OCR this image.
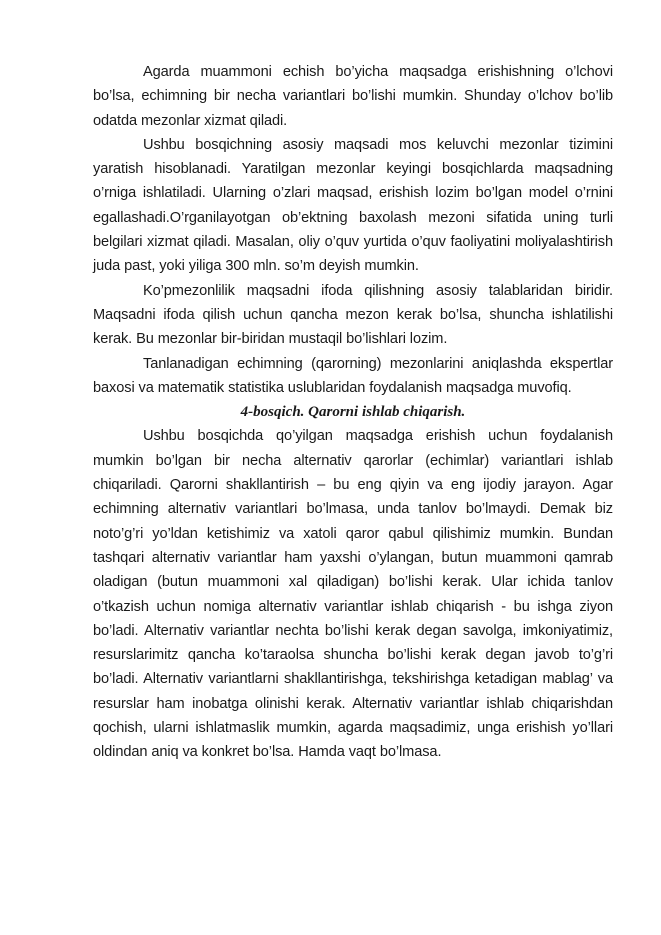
Agarda muammoni echish bo’yicha maqsadga erishishning o’lchovi bo’lsa, echimning bir necha variantlari bo’lishi mumkin. Shunday o’lchov bo’lib odatda mezonlar xizmat qiladi.

Ushbu bosqichning asosiy maqsadi mos keluvchi mezonlar tizimini yaratish hisoblanadi. Yaratilgan mezonlar keyingi bosqichlarda maqsadning o’rniga ishlatiladi. Ularning o’zlari maqsad, erishish lozim bo’lgan model o’rnini egallashadi.O’rganilayotgan ob’ektning baxolash mezoni sifatida uning turli belgilari xizmat qiladi. Masalan, oliy o’quv yurtida o’quv faoliyatini moliyalashtirish juda past, yoki yiliga 300 mln. so’m deyish mumkin.

Ko’pmezonlilik maqsadni ifoda qilishning asosiy talablaridan biridir. Maqsadni ifoda qilish uchun qancha mezon kerak bo’lsa, shuncha ishlatilishi kerak. Bu mezonlar bir-biridan mustaqil bo’lishlari lozim.

Tanlanadigan echimning (qarorning) mezonlarini aniqlashda ekspertlar baxosi va matematik statistika uslublaridan foydalanish maqsadga muvofiq.

4-bosqich. Qarorni ishlab chiqarish.

Ushbu bosqichda qo’yilgan maqsadga erishish uchun foydalanish mumkin bo’lgan bir necha alternativ qarorlar (echimlar) variantlari ishlab chiqariladi. Qarorni shakllantirish – bu eng qiyin va eng ijodiy jarayon. Agar echimning alternativ variantlari bo’lmasa, unda tanlov bo’lmaydi. Demak biz noto’g’ri yo’ldan ketishimiz va xatoli qaror qabul qilishimiz mumkin. Bundan tashqari alternativ variantlar ham yaxshi o’ylangan, butun muammoni qamrab oladigan (butun muammoni xal qiladigan) bo’lishi kerak. Ular ichida tanlov o’tkazish uchun nomiga alternativ variantlar ishlab chiqarish - bu ishga ziyon bo’ladi. Alternativ variantlar nechta bo’lishi kerak degan savolga, imkoniyatimiz, resurslarimitz qancha ko’taraolsa shuncha bo’lishi kerak degan javob to’g’ri bo’ladi. Alternativ variantlarni shakllantirishga, tekshirishga ketadigan mablag’ va resurslar ham inobatga olinishi kerak. Alternativ variantlar ishlab chiqarishdan qochish, ularni ishlatmaslik mumkin, agarda maqsadimiz, unga erishish yo’llari oldindan aniq va konkret bo’lsa. Hamda vaqt bo’lmasa.
